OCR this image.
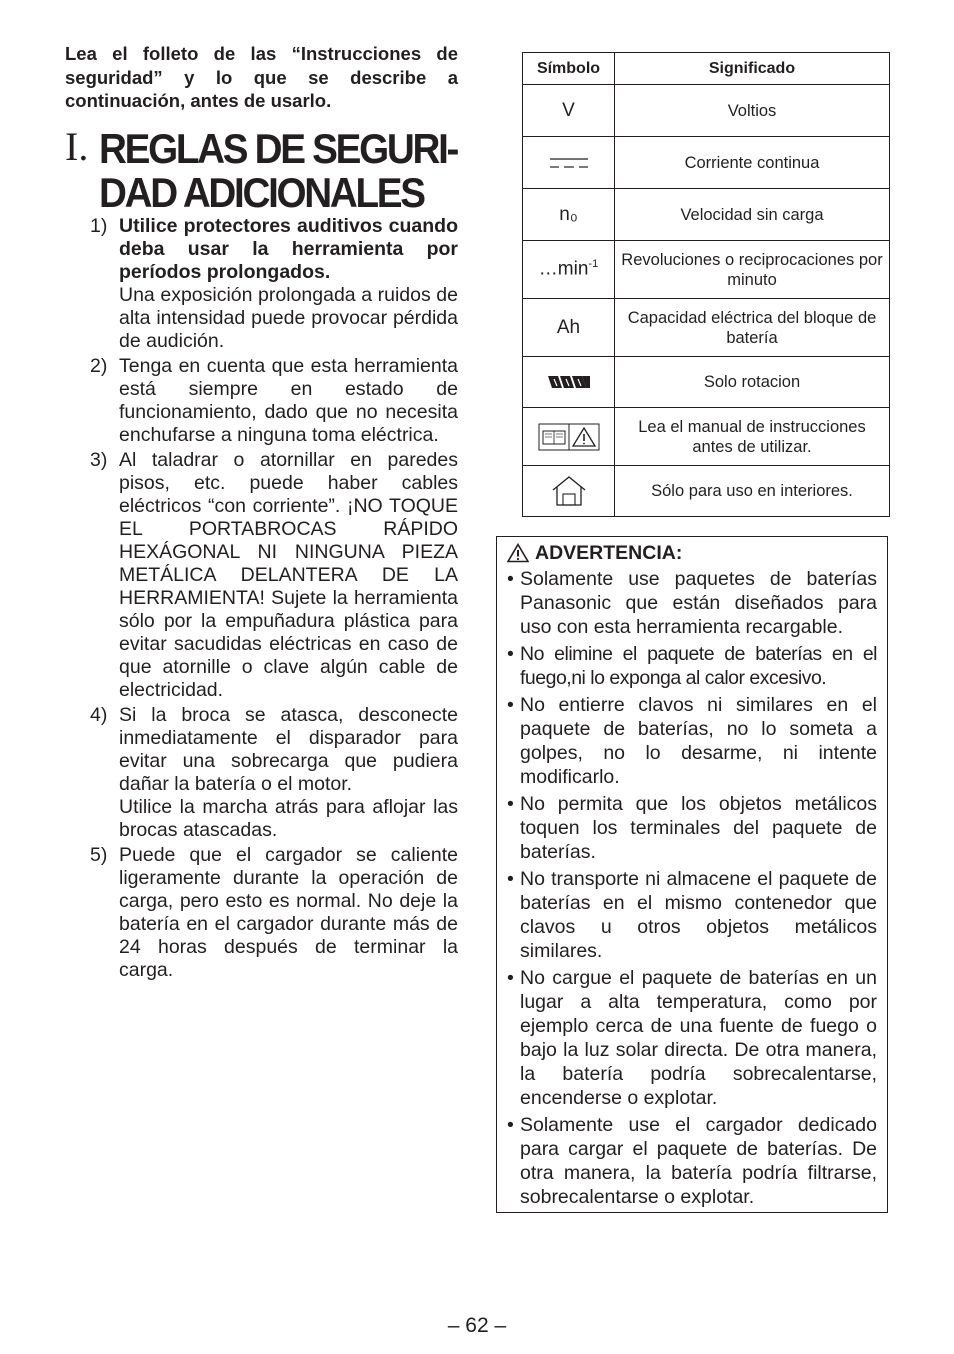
Lea el folleto de las “Instrucciones de seguridad” y lo que se describe a continuación, antes de usarlo.

I. REGLAS DE SEGURI-
DAD ADICIONALES
1) Utilice protectores auditivos cuando deba usar la herramienta por períodos prolongados.
Una exposición prolongada a ruidos de alta intensidad puede provocar pérdida de audición.
2) Tenga en cuenta que esta herramienta está siempre en estado de funcionamiento, dado que no necesita enchufarse a ninguna toma eléctrica.
3) Al taladrar o atornillar en paredes pisos, etc. puede haber cables eléctricos “con corriente”. ¡NO TOQUE EL PORTABROCAS RÁPIDO HEXÁGONAL NI NINGUNA PIEZA METÁLICA DELANTERA DE LA HERRAMIENTA! Sujete la herramienta sólo por la empuñadura plástica para evitar sacudidas eléctricas en caso de que atornille o clave algún cable de electricidad.
4) Si la broca se atasca, desconecte inmediatamente el disparador para evitar una sobrecarga que pudiera dañar la batería o el motor.
Utilice la marcha atrás para aflojar las brocas atascadas.
5) Puede que el cargador se caliente ligeramente durante la operación de carga, pero esto es normal. No deje la batería en el cargador durante más de 24 horas después de terminar la carga.
Símbolo	Significado
V	Voltios

	Corriente continua
n₀	Velocidad sin carga
$\dots\min^{-1}$	Revoluciones o reciprocaciones por minuto
Ah	Capacidad eléctrica del bloque de batería

	Solo rotacion

	Lea el manual de instrucciones antes de utilizar.

	Sólo para uso en interiores.
ADVERTENCIA:
• Solamente use paquetes de baterías Panasonic que están diseñados para uso con esta herramienta recargable.
• No elimine el paquete de baterías en el fuego,ni lo exponga al calor excesivo.
• No entierre clavos ni similares en el paquete de baterías, no lo someta a golpes, no lo desarme, ni intente modificarlo.
• No permita que los objetos metálicos toquen los terminales del paquete de baterías.
• No transporte ni almacene el paquete de baterías en el mismo contenedor que clavos u otros objetos metálicos similares.
• No cargue el paquete de baterías en un lugar a alta temperatura, como por ejemplo cerca de una fuente de fuego o bajo la luz solar directa. De otra manera, la batería podría sobrecalentarse, encenderse o explotar.
• Solamente use el cargador dedicado para cargar el paquete de baterías. De otra manera, la batería podría filtrarse, sobrecalentarse o explotar.
– 62 –
